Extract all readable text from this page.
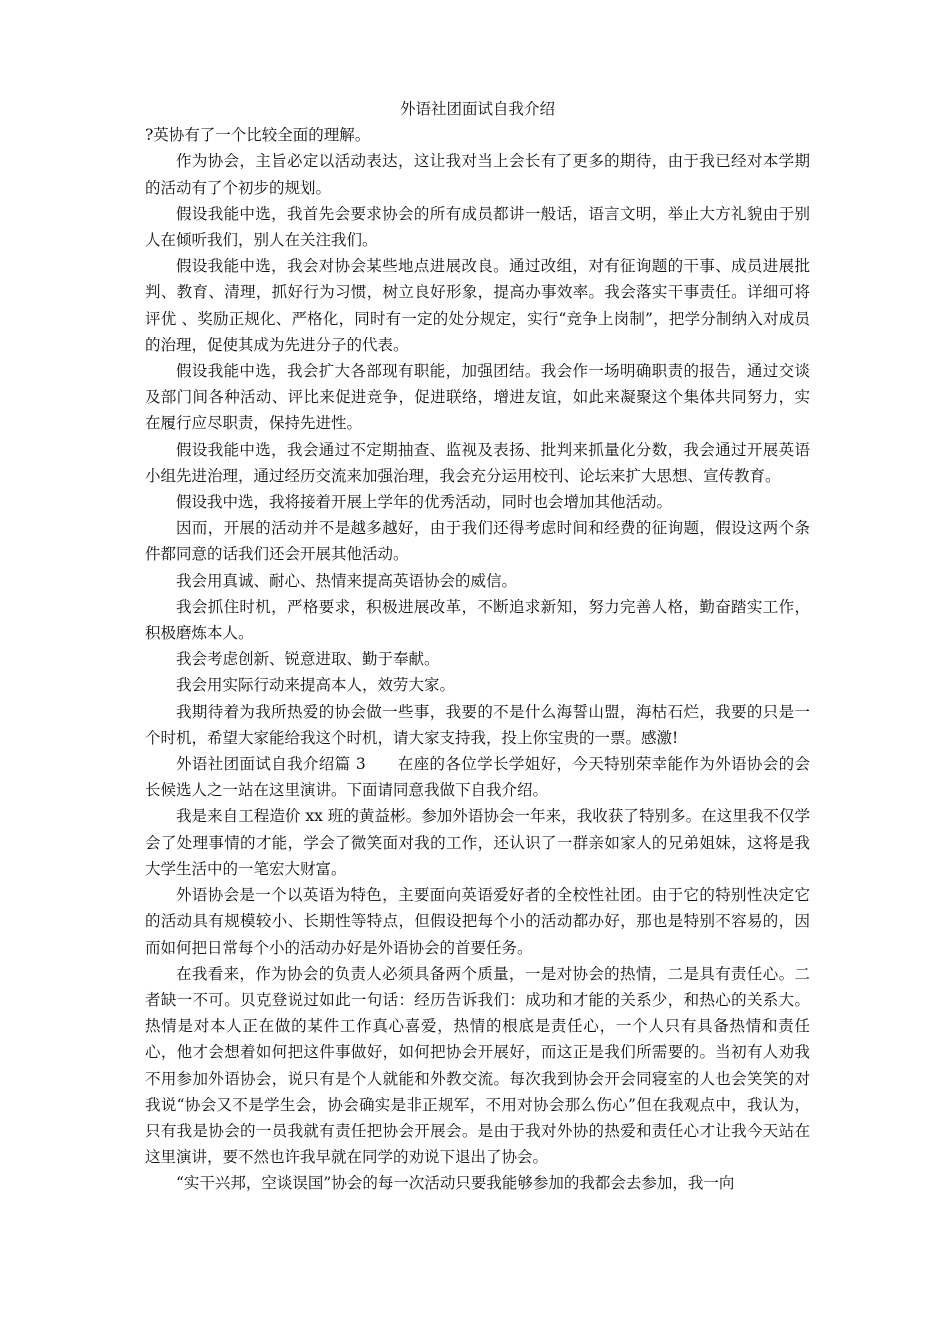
外语社团面试自我介绍

?英协有了一个比较全面的理解。

作为协会，主旨必定以活动表达，这让我对当上会长有了更多的期待，由于我已经对本学期的活动有了个初步的规划。

假设我能中选，我首先会要求协会的所有成员都讲一般话，语言文明，举止大方礼貌由于别人在倾听我们，别人在关注我们。

假设我能中选，我会对协会某些地点进展改良。通过改组，对有征询题的干事、成员进展批判、教育、清理，抓好行为习惯，树立良好形象，提高办事效率。我会落实干事责任。详细可将评优 、奖励正规化、严格化，同时有一定的处分规定，实行“竞争上岗制”，把学分制纳入对成员的治理，促使其成为先进分子的代表。

假设我能中选，我会扩大各部现有职能，加强团结。我会作一场明确职责的报告，通过交谈及部门间各种活动、评比来促进竞争，促进联络，增进友谊，如此来凝聚这个集体共同努力，实在履行应尽职责，保持先进性。

假设我能中选，我会通过不定期抽查、监视及表扬、批判来抓量化分数，我会通过开展英语小组先进治理，通过经历交流来加强治理，我会充分运用校刊、论坛来扩大思想、宣传教育。

假设我中选，我将接着开展上学年的优秀活动，同时也会增加其他活动。

因而，开展的活动并不是越多越好，由于我们还得考虑时间和经费的征询题，假设这两个条件都同意的话我们还会开展其他活动。

我会用真诚、耐心、热情来提高英语协会的威信。

我会抓住时机，严格要求，积极进展改革，不断追求新知，努力完善人格，勤奋踏实工作，积极磨炼本人。

我会考虑创新、锐意进取、勤于奉献。

我会用实际行动来提高本人，效劳大家。

我期待着为我所热爱的协会做一些事，我要的不是什么海誓山盟，海枯石烂，我要的只是一个时机，希望大家能给我这个时机，请大家支持我，投上你宝贵的一票。感激!

外语社团面试自我介绍篇 3　　在座的各位学长学姐好，今天特别荣幸能作为外语协会的会长候选人之一站在这里演讲。下面请同意我做下自我介绍。

我是来自工程造价 xx 班的黄益彬。参加外语协会一年来，我收获了特别多。在这里我不仅学会了处理事情的才能，学会了微笑面对我的工作，还认识了一群亲如家人的兄弟姐妹，这将是我大学生活中的一笔宏大财富。

外语协会是一个以英语为特色，主要面向英语爱好者的全校性社团。由于它的特别性决定它的活动具有规模较小、长期性等特点，但假设把每个小的活动都办好，那也是特别不容易的，因而如何把日常每个小的活动办好是外语协会的首要任务。

在我看来，作为协会的负责人必须具备两个质量，一是对协会的热情，二是具有责任心。二者缺一不可。贝克登说过如此一句话：经历告诉我们：成功和才能的关系少，和热心的关系大。热情是对本人正在做的某件工作真心喜爱，热情的根底是责任心，一个人只有具备热情和责任心，他才会想着如何把这件事做好，如何把协会开展好，而这正是我们所需要的。当初有人劝我不用参加外语协会，说只有是个人就能和外教交流。每次我到协会开会同寝室的人也会笑笑的对我说“协会又不是学生会，协会确实是非正规军，不用对协会那么伤心”但在我观点中，我认为，只有我是协会的一员我就有责任把协会开展会。是由于我对外协的热爱和责任心才让我今天站在这里演讲，要不然也许我早就在同学的劝说下退出了协会。

“实干兴邦，空谈误国”协会的每一次活动只要我能够参加的我都会去参加，我一向
